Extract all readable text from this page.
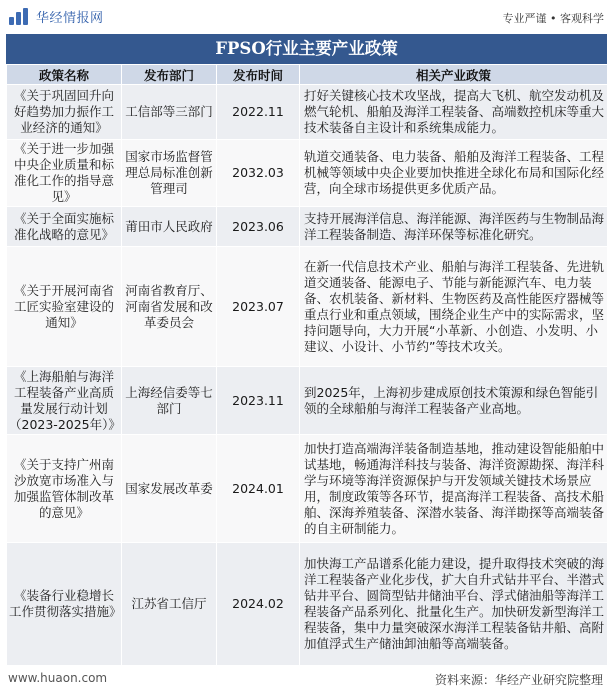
华经情报网	专业严谨 • 客观科学
FPSO行业主要产业政策
政策名称	发布部门	发布时间	相关产业政策
《关于巩固回升向好趋势加力振作工业经济的通知》	工信部等三部门	2022.11	打好关键核心技术攻坚战，提高大飞机、航空发动机及燃气轮机、船舶及海洋工程装备、高端数控机床等重大技术装备自主设计和系统集成能力。
《关于进一步加强中央企业质量和标准化工作的指导意见》	国家市场监督管理总局标准创新管理司	2032.03	轨道交通装备、电力装备、船舶及海洋工程装备、工程机械等领域中央企业要加快推进全球化布局和国际化经营，向全球市场提供更多优质产品。
《关于全面实施标准化战略的意见》	莆田市人民政府	2023.06	支持开展海洋信息、海洋能源、海洋医药与生物制品海洋工程装备制造、海洋环保等标准化研究。
《关于开展河南省工匠实验室建设的通知》	河南省教育厅、河南省发展和改革委员会	2023.07	在新一代信息技术产业、船舶与海洋工程装备、先进轨道交通装备、能源电子、节能与新能源汽车、电力装备、农机装备、新材料、生物医药及高性能医疗器械等重点行业和重点领域，围绕企业生产中的实际需求，坚持问题导向，大力开展“小革新、小创造、小发明、小建议、小设计、小节约”等技术攻关。
《上海船舶与海洋工程装备产业高质量发展行动计划（2023-2025年）》	上海经信委等七部门	2023.11	到2025年，上海初步建成原创技术策源和绿色智能引领的全球船舶与海洋工程装备产业高地。
《关于支持广州南沙放宽市场准入与加强监管体制改革的意见》	国家发展改革委	2024.01	加快打造高端海洋装备制造基地，推动建设智能船舶中试基地，畅通海洋科技与装备、海洋资源勘探、海洋科学与环境等海洋资源保护与开发领域关键技术场景应用，制度政策等各环节，提高海洋工程装备、高技术船舶、深海养殖装备、深潜水装备、海洋勘探等高端装备的自主研制能力。
《装备行业稳增长工作贯彻落实措施》	江苏省工信厅	2024.02	加快海工产品谱系化能力建设，提升取得技术突破的海洋工程装备产业化步伐，扩大自升式钻井平台、半潜式钻井平台、圆筒型钻井储油平台、浮式储油船等海洋工程装备产品系列化、批量化生产。加快研发新型海洋工程装备，集中力量突破深水海洋工程装备钻井船、高附加值浮式生产储油卸油船等高端装备。
www.huaon.com	资料来源：华经产业研究院整理
